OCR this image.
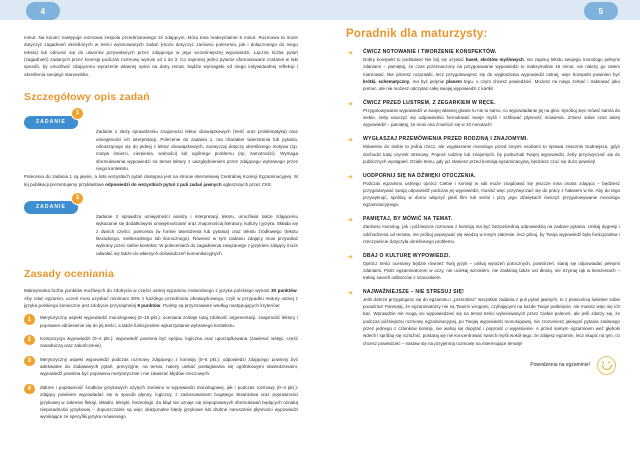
4

minut. Na koniec następuje rozmowa zespołu przedmiotowego ze zdającym, która trwa maksymalnie 5 minut. Rozmowa ta może dotyczyć zagadnień określonych w treści wylosowanych zadań (może dotyczyć zarówno polecenia, jak i dołączonego do niego tekstu) lub odnosić się do utworów przywołanych przez zdającego w jego wcześniejszej wypowiedzi. Łączna liczba pytań (zagadnień) zadanych przez komisję podczas rozmowy wynosi od 1 do 3. Co najmniej jedno pytanie sformułowane zostanie w taki sposób, by umożliwić zdającemu wyrażenie własnej opinii na dany temat, bądźie wymagało od niego indywidualnej refleksji i określenia swojego stanowiska.

Szczegółowy opis zadań
ZADANIE
1

Zadanie 1 służy sprawdzeniu znajomości lektur obowiązkowych (treść oraz problematyka) oraz umiejętności ich interpretacji. Polecenie do zadania 1. ma charakter twierdzenia lub pytania, odnoszącego się do jednej z lektur obowiązkowych, zazwyczaj dotyczy określonego motywu (np. motyw śmierci, cierpienia, wolności) lub ogólnego problemu (np. samotności). Wymaga sformułowania wypowiedzi na temat lektury z uwzględnieniem przez zdającego wybranego przez niego kontekstu.

Polecenia do zadania 1 są jawne, a lista wszystkich pytań dostępna jest na stronie internetowej Centralnej Komisji Egzaminacyjnej. W tej publikacji prezentujemy przykładowe odpowiedzi do wszystkich pytań z puli zadań jawnych ogłoszonych przez CKE.

ZADANIE
2

Zadanie 2 sprawdza umiejętności analizy i interpretacji tekstu, umożliwia także zdającemu wykazanie się dodatkowymi umiejętnościami oraz znajomością literatury, kultury i języka. Składa się z dwóch części: polecenia (w formie twierdzenia lub pytania) oraz tekstu źródłowego (tekstu literackiego, nieliterackiego lub ikonicznego). Również w tym zadaniu zdający musi przywołać wybrany przez siebie kontekst. W poleceniach do zagadnienia związanego z językiem zdający może odwołać się także do własnych doświadczeń komunikacyjnych.

Zasady oceniania

Maksymalna liczba punktów możliwych do zdobycia w części ustnej egzaminu maturalnego z języka polskiego wynosi 30 punktów. Aby zdać egzamin, uczeń musi uzyskać minimum 30% z każdego przedmiotu obowiązkowego, czyli w przypadku matury ustnej z języka polskiego konieczne jest zdobycie przynajmniej 9 punktów. Punkty są przyznawane według następujących kryteriów:

1	Merytoryczny aspekt wypowiedzi monologowej (0–16 pkt.): oceniana zostaje tutaj zdolność argumentacji, znajomość lektury i poprawne odniesienie się do jej treści, a także funkcjonalne wykorzystanie wybranego kontekstu.
2	Kompozycja wypowiedzi (0–4 pkt.): wypowiedź powinna być spójna, logiczna oraz uporządkowana (zawierać wstęp, część zasadniczą oraz zakończenie).
3	Merytoryczny aspekt wypowiedzi podczas rozmowy zdającego z komisją (0–6 pkt.): odpowiedzi zdającego powinny być adekwatne do zadawanych pytań, precyzyjne, na temat, należy unikać posługiwania się ogólnikowymi stwierdzeniami, wypowiedź powinna być poprawna merytorycznie i nie zawierać błędów rzeczowych.
4	Zakres i poprawność środków językowych użytych zarówno w wypowiedzi monologowej, jak i podczas rozmowy (0–4 pkt.): zdający powinien wypowiadać się w sposób płynny, logiczny, z zastosowaniem bogatego słownictwa oraz poprawności językowej w zakresie fleksji, składni, leksyki, frazeologii. Za błąd nie uznaje się niepoprawnych sformułowań będących oznaką nieporadności językowej – dopuszczalne są więc okazjonalne błędy językowe lub drobne naruszenia płynności wypowiedzi wynikające ze specyfiki języka mówionego.
5
Poradnik dla maturzysty:
➜ ĆWICZ NOTOWANIE I TWORZENIE KONSPEKTÓW.
Dobry konspekt to podstawa! Nie bój się używać haseł, skrótów myślowych, nie zapisuj tekstu swojego monologu pełnymi zdaniami – pamiętaj, że czas przeznaczony na przygotowanie wypowiedzi to maksymalnie 15 minut, nie należy go zatem marnować. Nie piszesz rozprawki, lecz przygotowujesz się do wygłoszenia wypowiedzi ustnej, więc konspekt powinien być krótki, schematyczny, ma być jedynie planem tego, o czym chcesz powiedzieć. Możesz na niego zerkać i traktować jako pomoc, ale nie możesz odczytać całej swojej wypowiedzi z kartki!
➜ ĆWICZ PRZED LUSTREM, Z ZEGARKIEM W RĘCE.
Przygotowywanie wypowiedzi w swojej własnej głowie to nie to samo, co wypowiadanie jej na głos. Spróbuj sięc mówić sam/a do siebie, żeby nauczyć się odpowiednio formułować swoje myśli i szlifować płynność mówienia. Zmierz sobie czas takiej wypowiedzi – pamiętaj, że musi ona zmieścić się w 10 minutach!
➜ WYGŁASZAJ PRZEMÓWIENIA PRZED RODZINĄ I ZNAJOMYMI.
Mówienie do siebie to jedna rzecz, ale wygłaszanie monologu przed innymi osobami to sprawa znacznie trudniejsza, gdyż dochodzi tutaj czynnik stresowy. Poproś rodzinę lub znajomych, by posłuchali Twojej wypowiedzi, żeby przyzwyczaić się do publicznych wystąpień. Dzięki temu, gdy już staniesz przed komisją egzaminacyjną, będziesz czuć się dużo pewniej!
➜ UODPORNIJ SIĘ NA DŹWIĘKI OTOCZENIA.
Podczas egzaminu ustnego oprócz Ciebie i komisji w sali może znajdować się jeszcze inna osoba zdająca – będziesz przygotowywać swoją odpowiedź podczas jej wypowiedzi, musisz więc przyzwyczaić się do pracy z hałasem w tle. Aby do tego przywyknąć, spróbuj w domu włączyć jakiś film lub serial i przy jego dźwiękach ćwiczyć przygotowywanie monologu egzaminacyjnego.
➜ PAMIĘTAJ, BY MÓWIĆ NA TEMAT.
Zarówno monolog, jak i późniejsza rozmowa z komisją ma być bezpośrednią odpowiedzią na zadane pytania. Unikaj dygresji i odchodzenia od tematu, nie próbuj popisywać się wiedzą w innym zakresie, lecz pilnuj, by Twoja wypowiedź była funkcjonalna i rzeczywiście dotyczyła określonego problemu.
➜ DBAJ O KULTURĘ WYPOWIEDZI.
Oprócz treści oceniany będzie również Twój język – unikaj wyrażeń potocznych, powtórzeń, staraj się odpowiadać pełnymi zdaniami. Patrz egzaminatorom w oczy, nie uciekaj wzrokiem, nie zasłaniaj także ust dłonią, nie trzymaj rąk w kieszeniach – traktuj swoich odbiorców z szacunkiem.
➜ NAJWAŻNIEJSZE – NIE STRESUJ SIĘ!
Jeśli dobrze przygotujesz się do egzaminu i „przerobisz" wszystkie zadania z puli pytań jawnych, to z pewnością świetnie sobie poradzisz! Pamiętaj, że egzaminatorzy nie są Twoimi wrogami, czyhającymi na każde Twoje potknięcie, nie musisz więc się ich bać. Wprawdzie nie mogą oni wypowiedzieć się na temat treści wylosowanych przez Ciebie poleceń, ale jeśli zdarzy się, że podczas późniejszej rozmowy egzaminacyjnej, po Twojej wypowiedzi monologowej, nie zrozumiesz jakiegoś pytania zadanego przez jednego z członków komisji, nie wahaj się dopytać i poprosić o wyjaśnienie. A przed samym egzaminem weź głęboki wdech i spróbuj się rozluźnić, postaraj się nie koncentrować swoich myśli wokół tego, że zdajesz egzamin, lecz skupić na tym, co chcesz powiedzieć – nastaw się na przyjemną rozmowę na interesujące tematy!
Powodzenia na egzaminie!
